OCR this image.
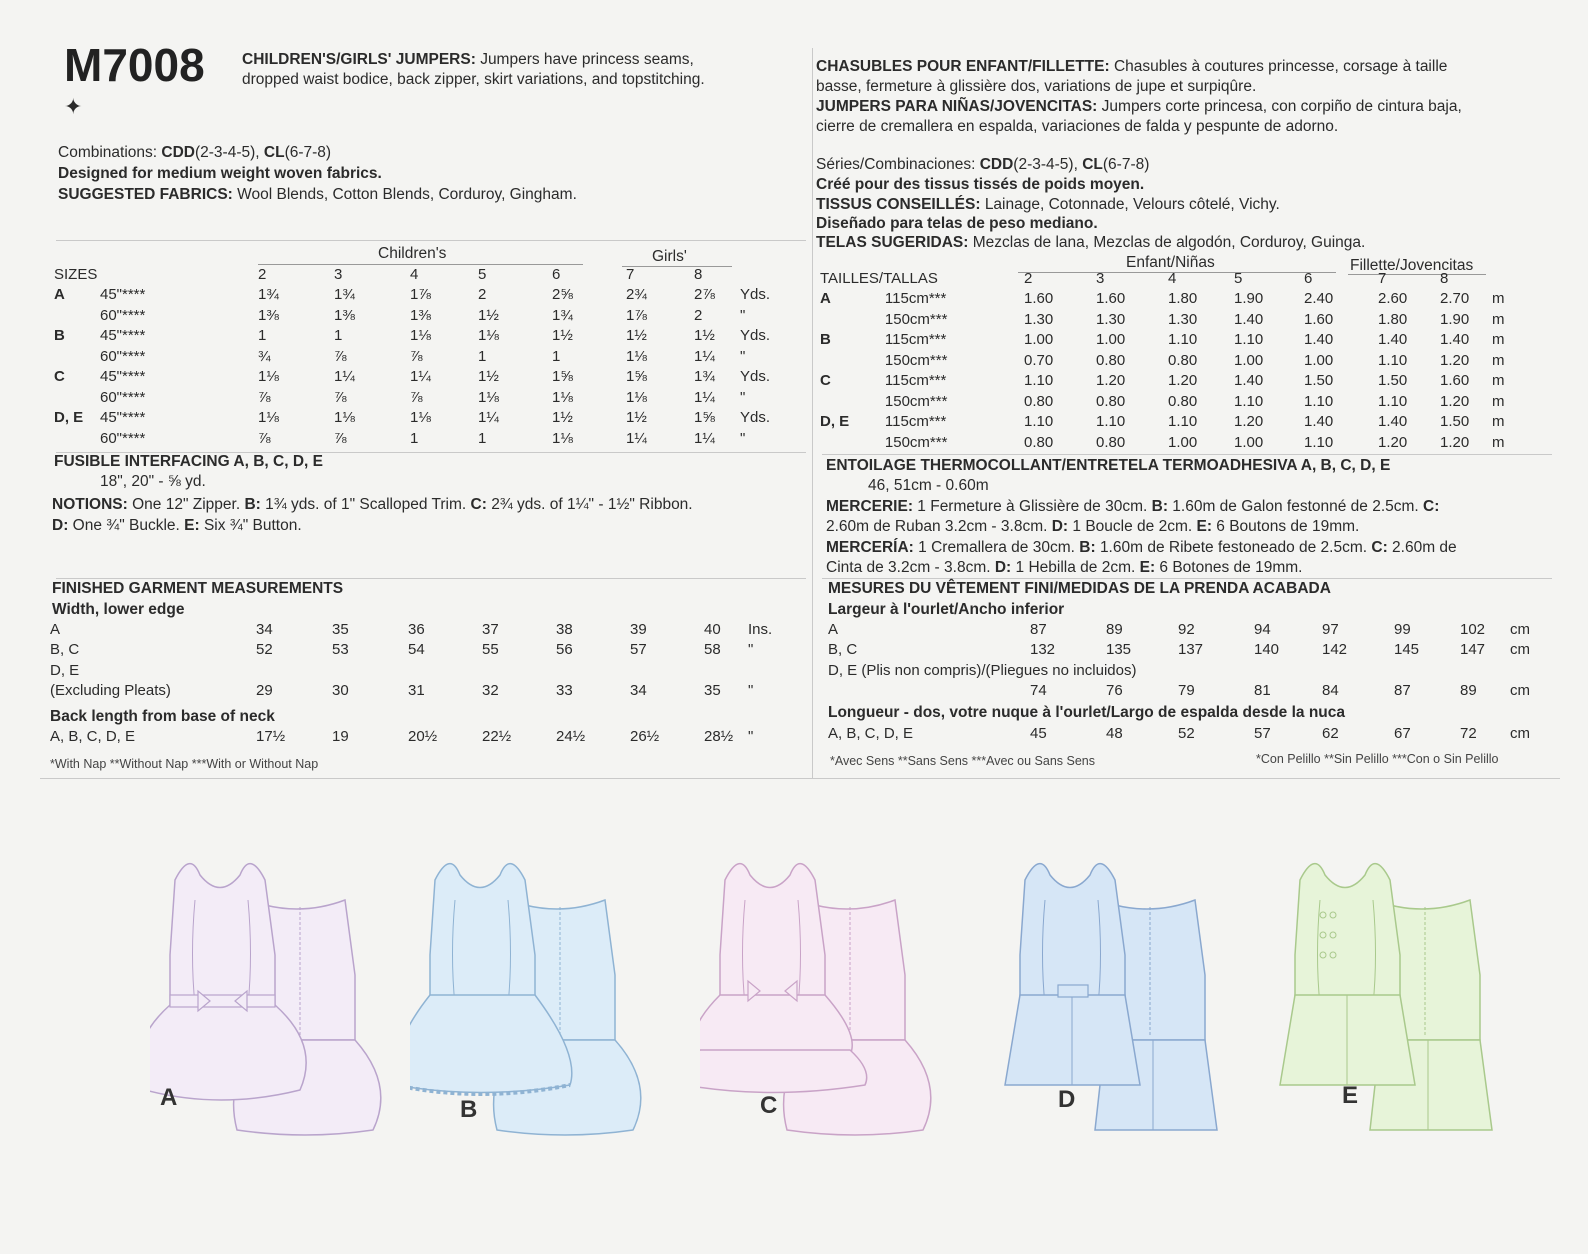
M7008
✦
CHILDREN'S/GIRLS' JUMPERS: Jumpers have princess seams,
dropped waist bodice, back zipper, skirt variations, and topstitching.
Combinations: CDD(2-3-4-5), CL(6-7-8)
Designed for medium weight woven fabrics.
SUGGESTED FABRICS: Wool Blends, Cotton Blends, Corduroy, Gingham.
CHASUBLES POUR ENFANT/FILLETTE: Chasubles à coutures princesse, corsage à taille
basse, fermeture à glissière dos, variations de jupe et surpiqûre.
JUMPERS PARA NIÑAS/JOVENCITAS: Jumpers corte princesa, con corpiño de cintura baja,
cierre de cremallera en espalda, variaciones de falda y pespunte de adorno.
Séries/Combinaciones: CDD(2-3-4-5), CL(6-7-8)
Créé pour des tissus tissés de poids moyen.
TISSUS CONSEILLÉS: Lainage, Cotonnade, Velours côtelé, Vichy.
Diseñado para telas de peso mediano.
TELAS SUGERIDAS: Mezclas de lana, Mezclas de algodón, Corduroy, Guinga.
Children's	Girls'
SIZES		2	3	4	5	6	7	8	
A	45"****	1¾	1¾	1⅞	2	2⅝	2¾	2⅞	Yds.
	60"****	1⅜	1⅜	1⅜	1½	1¾	1⅞	2	"
B	45"****	1	1	1⅛	1⅛	1½	1½	1½	Yds.
	60"****	¾	⅞	⅞	1	1	1⅛	1¼	"
C	45"****	1⅛	1¼	1¼	1½	1⅝	1⅝	1¾	Yds.
	60"****	⅞	⅞	⅞	1⅛	1⅛	1⅛	1¼	"
D, E	45"****	1⅛	1⅛	1⅛	1¼	1½	1½	1⅝	Yds.
	60"****	⅞	⅞	1	1	1⅛	1¼	1¼	"
FUSIBLE INTERFACING A, B, C, D, E
18", 20" - ⅝ yd.
NOTIONS: One 12" Zipper. B: 1¾ yds. of 1" Scalloped Trim. C: 2¾ yds. of 1¼" - 1½" Ribbon.
D: One ¾" Buckle. E: Six ¾" Button.
FINISHED GARMENT MEASUREMENTS
Width, lower edge
A	34	35	36	37	38	39	40	Ins.
B, C	52	53	54	55	56	57	58	"
D, E								
(Excluding Pleats)	29	30	31	32	33	34	35	"
Back length from base of neck
A, B, C, D, E	17½	19	20½	22½	24½	26½	28½	"
*With Nap **Without Nap ***With or Without Nap
Enfant/Niñas	Fillette/Jovencitas
TAILLES/TALLAS		2	3	4	5	6	7	8	
A	115cm***	1.60	1.60	1.80	1.90	2.40	2.60	2.70	m
	150cm***	1.30	1.30	1.30	1.40	1.60	1.80	1.90	m
B	115cm***	1.00	1.00	1.10	1.10	1.40	1.40	1.40	m
	150cm***	0.70	0.80	0.80	1.00	1.00	1.10	1.20	m
C	115cm***	1.10	1.20	1.20	1.40	1.50	1.50	1.60	m
	150cm***	0.80	0.80	0.80	1.10	1.10	1.10	1.20	m
D, E	115cm***	1.10	1.10	1.10	1.20	1.40	1.40	1.50	m
	150cm***	0.80	0.80	1.00	1.00	1.10	1.20	1.20	m
ENTOILAGE THERMOCOLLANT/ENTRETELA TERMOADHESIVA A, B, C, D, E
46, 51cm - 0.60m
MERCERIE: 1 Fermeture à Glissière de 30cm. B: 1.60m de Galon festonné de 2.5cm. C:
2.60m de Ruban 3.2cm - 3.8cm. D: 1 Boucle de 2cm. E: 6 Boutons de 19mm.
MERCERÍA: 1 Cremallera de 30cm. B: 1.60m de Ribete festoneado de 2.5cm. C: 2.60m de
Cinta de 3.2cm - 3.8cm. D: 1 Hebilla de 2cm. E: 6 Botones de 19mm.
MESURES DU VÊTEMENT FINI/MEDIDAS DE LA PRENDA ACABADA
Largeur à l'ourlet/Ancho inferior
A	87	89	92	94	97	99	102	cm
B, C	132	135	137	140	142	145	147	cm
D, E (Plis non compris)/(Pliegues no incluidos)								
	74	76	79	81	84	87	89	cm
Longueur - dos, votre nuque à l'ourlet/Largo de espalda desde la nuca
A, B, C, D, E	45	48	52	57	62	67	72	cm
*Avec Sens **Sans Sens ***Avec ou Sans Sens	*Con Pelillo **Sin Pelillo ***Con o Sin Pelillo
A	B	C	D	E
